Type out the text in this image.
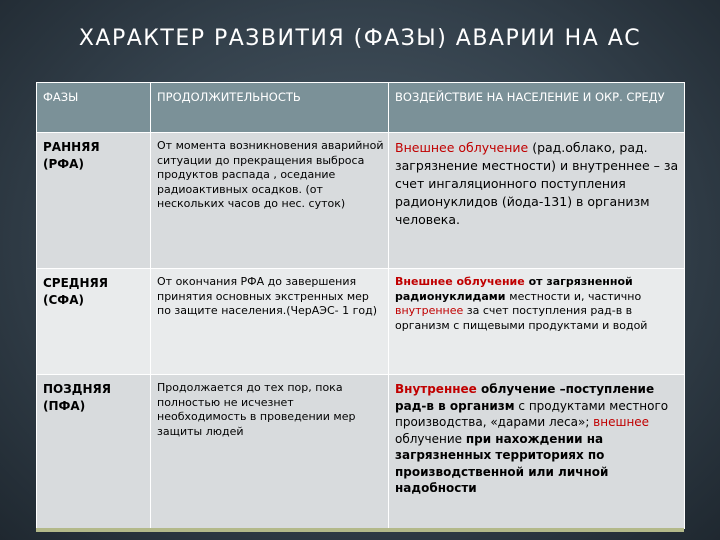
ХАРАКТЕР РАЗВИТИЯ (ФАЗЫ) АВАРИИ НА АС
ФАЗЫ	ПРОДОЛЖИТЕЛЬНОСТЬ	ВОЗДЕЙСТВИЕ НА НАСЕЛЕНИЕ И ОКР. СРЕДУ
РАННЯЯ
(РФА)	От момента возникновения аварийной ситуации до прекращения выброса продуктов распада , оседание радиоактивных осадков. (от нескольких часов до нес. суток)	Внешнее облучение (рад.облако, рад. загрязнение местности) и внутреннее – за счет ингаляционного поступления радионуклидов (йода-131) в организм человека.
СРЕДНЯЯ
(СФА)	От окончания РФА до завершения принятия основных экстренных мер по защите населения.(ЧерАЭС- 1 год)	Внешнее облучение от загрязненной радионуклидами местности и, частично внутреннее за счет поступления рад-в в организм с пищевыми продуктами и водой
ПОЗДНЯЯ
(ПФА)	Продолжается до тех пор, пока полностью не исчезнет необходимость в проведении мер защиты людей	Внутреннее облучение –поступление рад-в в организм с продуктами местного производства, «дарами леса»; внешнее облучение при нахождении на загрязненных территориях по производственной или личной надобности
